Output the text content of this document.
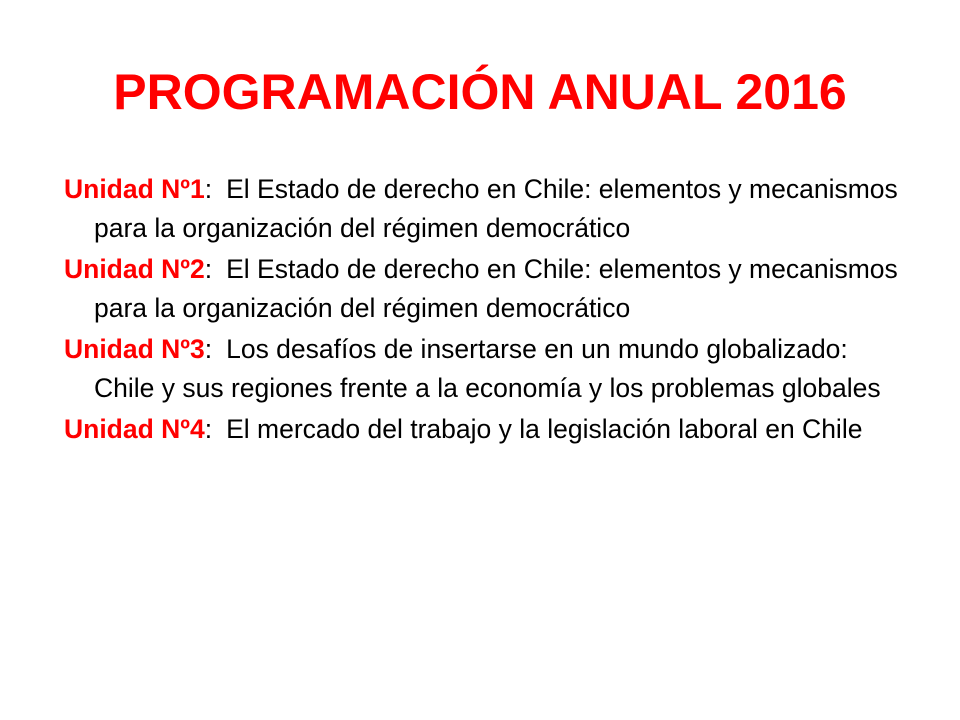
PROGRAMACIÓN ANUAL 2016

Unidad Nº1: El Estado de derecho en Chile: elementos y mecanismos para la organización del régimen democrático

Unidad Nº2: El Estado de derecho en Chile: elementos y mecanismos para la organización del régimen democrático

Unidad Nº3: Los desafíos de insertarse en un mundo globalizado: Chile y sus regiones frente a la economía y los problemas globales

Unidad Nº4: El mercado del trabajo y la legislación laboral en Chile
